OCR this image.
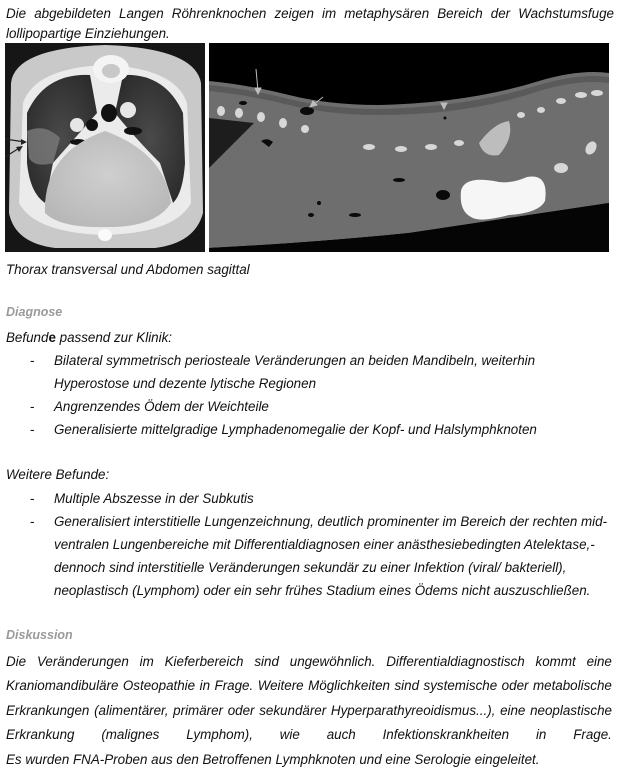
Die abgebildeten Langen Röhrenknochen zeigen im metaphysären Bereich der Wachstumsfuge lollipopartige Einziehungen.
Thorax transversal und Abdomen sagittal
Diagnose
Befunde passend zur Klinik:
- Bilateral symmetrisch periosteale Veränderungen an beiden Mandibeln, weiterhin
Hyperostose und dezente lytische Regionen
- Angrenzendes Ödem der Weichteile
- Generalisierte mittelgradige Lymphadenomegalie der Kopf- und Halslymphknoten
Weitere Befunde:
- Multiple Abszesse in der Subkutis
- Generalisiert interstitielle Lungenzeichnung, deutlich prominenter im Bereich der rechten mid-
ventralen Lungenbereiche mit Differentialdiagnosen einer anästhesiebedingten Atelektase,-
dennoch sind interstitielle Veränderungen sekundär zu einer Infektion (viral/ bakteriell),
neoplastisch (Lymphom) oder ein sehr frühes Stadium eines Ödems nicht auszuschließen.
Diskussion
Die Veränderungen im Kieferbereich sind ungewöhnlich. Differentialdiagnostisch kommt eine
Kraniomandibuläre Osteopathie in Frage. Weitere Möglichkeiten sind systemische oder metabolische
Erkrankungen (alimentärer, primärer oder sekundärer Hyperparathyreoidismus...), eine neoplastische
Erkrankung (malignes Lymphom), wie auch Infektionskrankheiten in Frage.
Es wurden FNA-Proben aus den Betroffenen Lymphknoten und eine Serologie eingeleitet.
